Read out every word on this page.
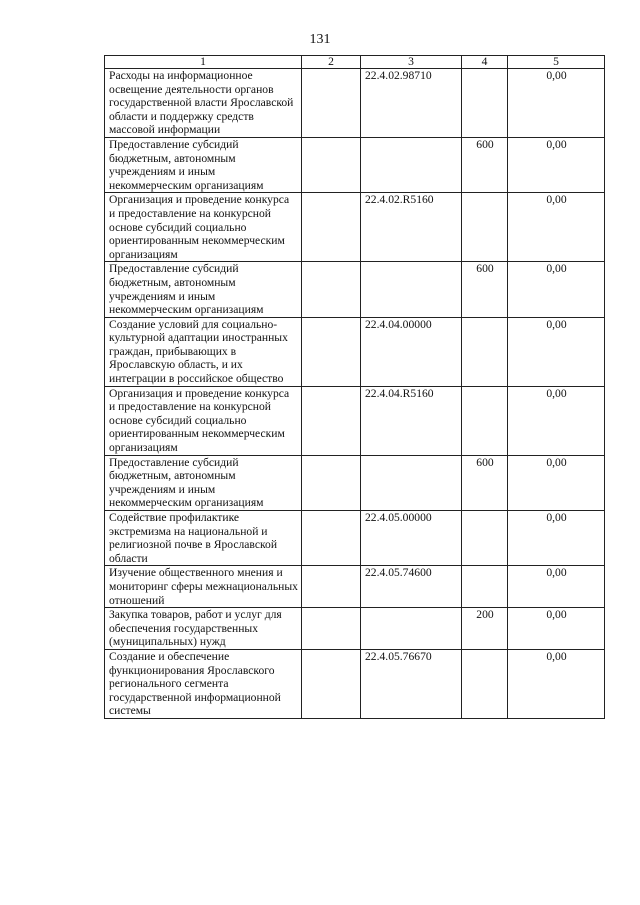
131
1	2	3	4	5
Расходы на информационное освещение деятельности органов государственной власти Ярославской области и поддержку средств массовой информации		22.4.02.98710		0,00
Предоставление субсидий бюджетным, автономным учреждениям и иным некоммерческим организациям			600	0,00
Организация и проведение конкурса и предоставление на конкурсной основе субсидий социально ориентированным некоммерческим организациям		22.4.02.R5160		0,00
Предоставление субсидий бюджетным, автономным учреждениям и иным некоммерческим организациям			600	0,00
Создание условий для социально-культурной адаптации иностранных граждан, прибывающих в Ярославскую область, и их интеграции в российское общество		22.4.04.00000		0,00
Организация и проведение конкурса и предоставление на конкурсной основе субсидий социально ориентированным некоммерческим организациям		22.4.04.R5160		0,00
Предоставление субсидий бюджетным, автономным учреждениям и иным некоммерческим организациям			600	0,00
Содействие профилактике экстремизма на национальной и религиозной почве в Ярославской области		22.4.05.00000		0,00
Изучение общественного мнения и мониторинг сферы межнациональных отношений		22.4.05.74600		0,00
Закупка товаров, работ и услуг для обеспечения государственных (муниципальных) нужд			200	0,00
Создание и обеспечение функционирования Ярославского регионального сегмента государственной информационной системы		22.4.05.76670		0,00
